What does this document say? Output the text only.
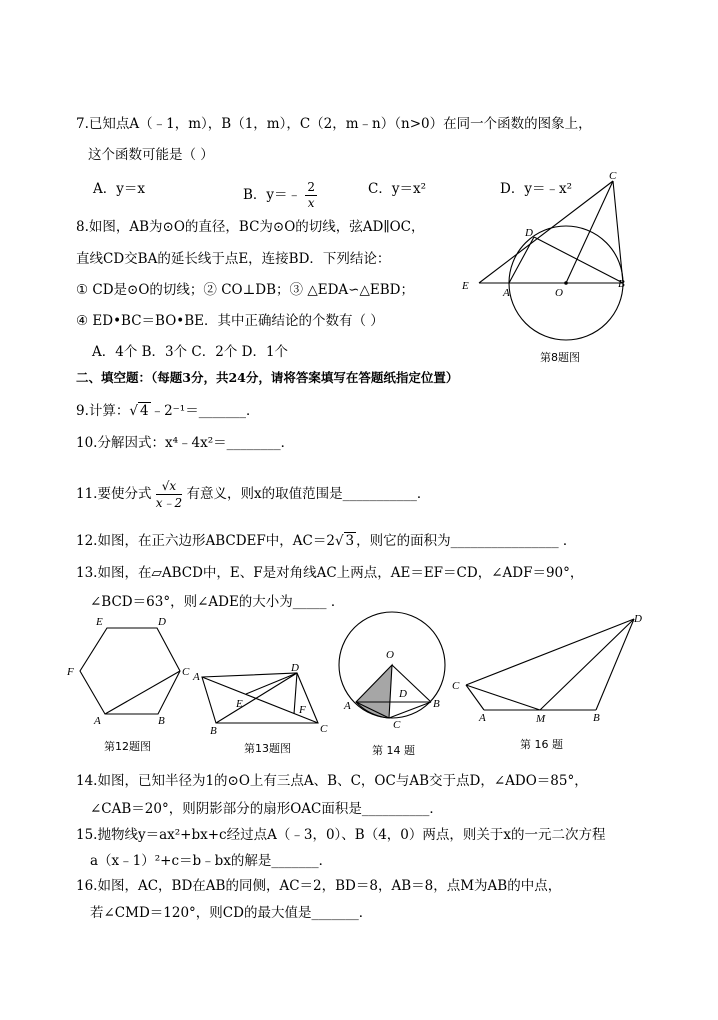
7.已知点A（﹣1，m），B（1，m），C（2，m﹣n）（n>0）在同一个函数的图象上，
这个函数可能是（ ）
A．y＝x	B．y＝﹣ $\frac{2}{x}$	C．y＝x²	D．y＝﹣x²
8.如图，AB为⊙O的直径，BC为⊙O的切线，弦AD∥OC，
直线CD交BA的延长线于点E，连接BD．下列结论：
① CD是⊙O的切线；② CO⊥DB；③ △EDA∽△EBD；
④ ED•BC＝BO•BE．其中正确结论的个数有（ ）
A．4个 B．3个 C．2个 D．1个
C
D
E
A	O
B
第8题图
二、填空题：（每题3分，共24分，请将答案填写在答题纸指定位置）
9.计算：√ 4 ﹣2⁻¹＝_______．
10.分解因式：x⁴﹣4x²＝________．
11.要使分式 $\frac{√x}{x﹣2}$ 有意义，则x的取值范围是___________．
12.如图，在正六边形ABCDEF中，AC＝2√ 3 ，则它的面积为________________ ．
13.如图，在▱ABCD中，E、F是对角线AC上两点，AE＝EF＝CD，∠ADF＝90°，
∠BCD＝63°，则∠ADE的大小为_____ ．
E	D
F	C
A	B
第12题图
A
D
E	F
B	C
第13题图
O
D
A	B
C
第 14 题
D
C
A	M	B
第 16 题
14.如图，已知半径为1的⊙O上有三点A、B、C，OC与AB交于点D，∠ADO＝85°，
∠CAB＝20°，则阴影部分的扇形OAC面积是__________．
15.抛物线y＝ax²+bx+c经过点A（﹣3，0）、B（4，0）两点，则关于x的一元二次方程
a（x﹣1）²+c＝b﹣bx的解是_______．
16.如图，AC，BD在AB的同侧，AC＝2，BD＝8，AB＝8，点M为AB的中点，
若∠CMD＝120°，则CD的最大值是_______．
